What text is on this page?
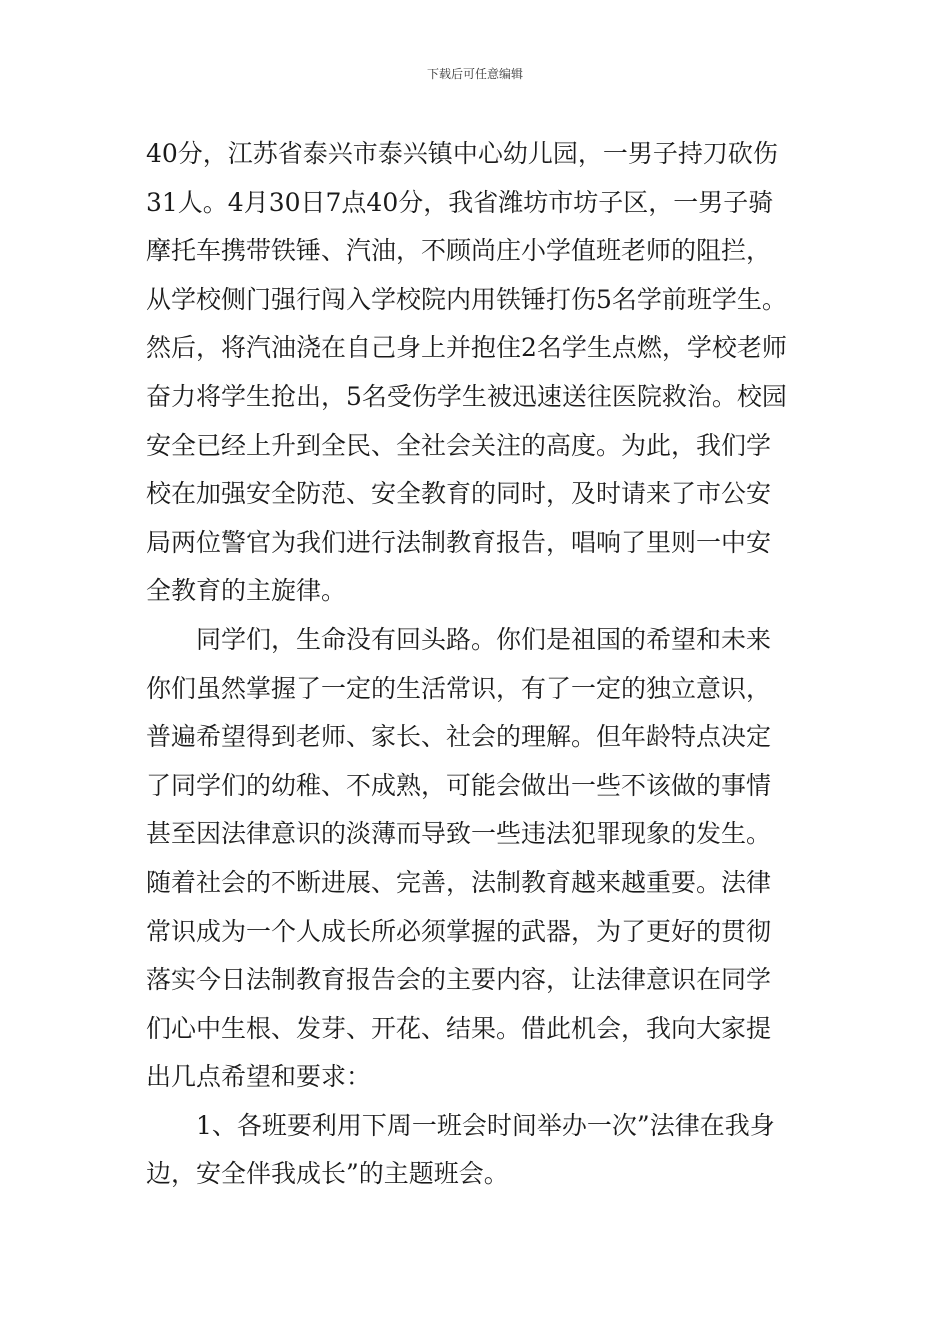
下载后可任意编辑
40分，江苏省泰兴市泰兴镇中心幼儿园，一男子持刀砍伤
31人。4月30日7点40分，我省潍坊市坊子区，一男子骑
摩托车携带铁锤、汽油，不顾尚庄小学值班老师的阻拦，
从学校侧门强行闯入学校院内用铁锤打伤5名学前班学生。
然后，将汽油浇在自己身上并抱住2名学生点燃，学校老师
奋力将学生抢出，5名受伤学生被迅速送往医院救治。校园
安全已经上升到全民、全社会关注的高度。为此，我们学
校在加强安全防范、安全教育的同时，及时请来了市公安
局两位警官为我们进行法制教育报告，唱响了里则一中安
全教育的主旋律。
同学们，生命没有回头路。你们是祖国的希望和未来
你们虽然掌握了一定的生活常识，有了一定的独立意识，
普遍希望得到老师、家长、社会的理解。但年龄特点决定
了同学们的幼稚、不成熟，可能会做出一些不该做的事情
甚至因法律意识的淡薄而导致一些违法犯罪现象的发生。
随着社会的不断进展、完善，法制教育越来越重要。法律
常识成为一个人成长所必须掌握的武器，为了更好的贯彻
落实今日法制教育报告会的主要内容，让法律意识在同学
们心中生根、发芽、开花、结果。借此机会，我向大家提
出几点希望和要求：
1、各班要利用下周一班会时间举办一次”法律在我身
边，安全伴我成长”的主题班会。
